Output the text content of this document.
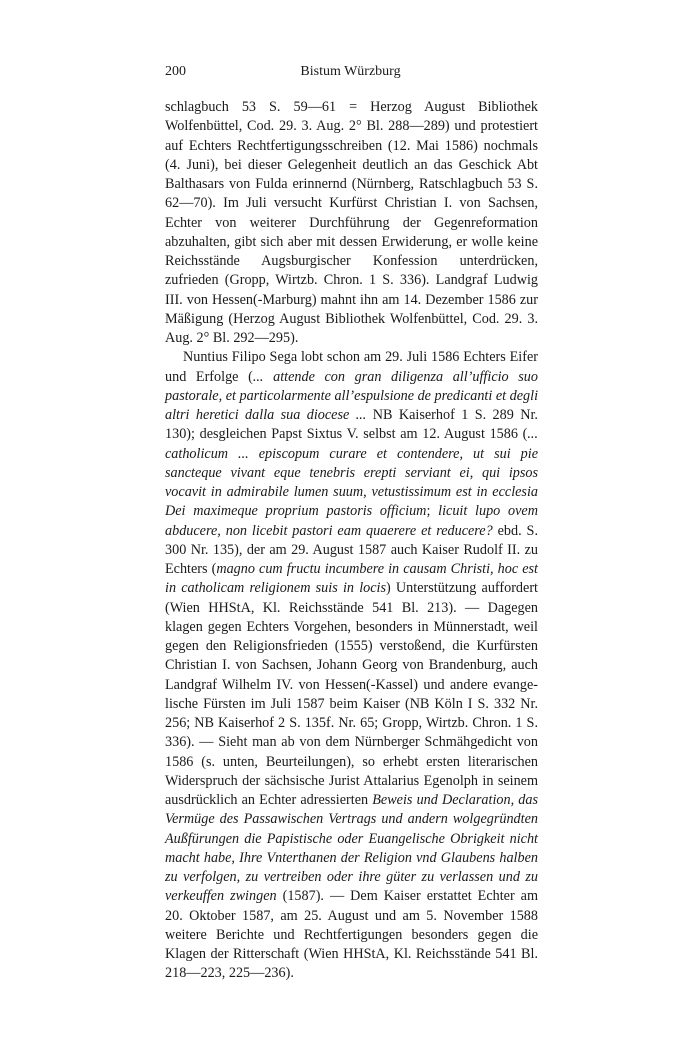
200	Bistum Würzburg

schlagbuch 53 S. 59—61 = Herzog August Bibliothek Wolfenbüttel, Cod. 29. 3. Aug. 2° Bl. 288—289) und protestiert auf Echters Rechtfertigungsschreiben (12. Mai 1586) nochmals (4. Juni), bei dieser Gelegenheit deutlich an das Geschick Abt Balthasars von Fulda erinnernd (Nürnberg, Ratschlagbuch 53 S. 62—70). Im Juli versucht Kurfürst Christian I. von Sachsen, Echter von weiterer Durchführung der Gegenreformation abzuhalten, gibt sich aber mit dessen Erwiderung, er wolle keine Reichsstände Augsburgischer Konfession unterdrücken, zufrieden (Gropp, Wirtzb. Chron. 1 S. 336). Landgraf Ludwig III. von Hessen(-Marburg) mahnt ihn am 14. Dezember 1586 zur Mäßigung (Herzog August Bibliothek Wolfenbüttel, Cod. 29. 3. Aug. 2° Bl. 292—295).

Nuntius Filipo Sega lobt schon am 29. Juli 1586 Echters Eifer und Erfolge (... attende con gran diligenza all’ufficio suo pastorale, et particolarmente all’espulsione de predicanti et degli altri heretici dalla sua diocese ... NB Kaiserhof 1 S. 289 Nr. 130); desgleichen Papst Sixtus V. selbst am 12. August 1586 (... catholicum ... episcopum curare et contendere, ut sui pie sancteque vivant eque tenebris erepti serviant ei, qui ipsos vocavit in admirabile lumen suum, vetustissimum est in ecclesia Dei maximeque proprium pastoris officium; licuit lupo ovem abducere, non licebit pastori eam quaerere et reducere? ebd. S. 300 Nr. 135), der am 29. August 1587 auch Kaiser Rudolf II. zu Echters (magno cum fructu incumbere in causam Christi, hoc est in catholicam religionem suis in locis) Unterstützung auffordert (Wien HHStA, Kl. Reichsstände 541 Bl. 213). — Dagegen klagen gegen Echters Vorgehen, besonders in Münnerstadt, weil gegen den Religionsfrieden (1555) verstoßend, die Kurfürsten Christian I. von Sachsen, Johann Georg von Brandenburg, auch Landgraf Wilhelm IV. von Hessen(-Kassel) und andere evangelische Fürsten im Juli 1587 beim Kaiser (NB Köln I S. 332 Nr. 256; NB Kaiserhof 2 S. 135f. Nr. 65; Gropp, Wirtzb. Chron. 1 S. 336). — Sieht man ab von dem Nürnberger Schmähgedicht von 1586 (s. unten, Beurteilungen), so erhebt ersten literarischen Widerspruch der sächsische Jurist Attalarius Egenolph in seinem ausdrücklich an Echter adressierten Beweis und Declaration, das Vermüge des Passawischen Vertrags und andern wolgegründten Außfürungen die Papistische oder Euangelische Obrigkeit nicht macht habe, Ihre Vnterthanen der Religion vnd Glaubens halben zu verfolgen, zu vertreiben oder ihre güter zu verlassen und zu verkeuffen zwingen (1587). — Dem Kaiser erstattet Echter am 20. Oktober 1587, am 25. August und am 5. November 1588 weitere Berichte und Rechtfertigungen besonders gegen die Klagen der Ritterschaft (Wien HHStA, Kl. Reichsstände 541 Bl. 218—223, 225—236).
